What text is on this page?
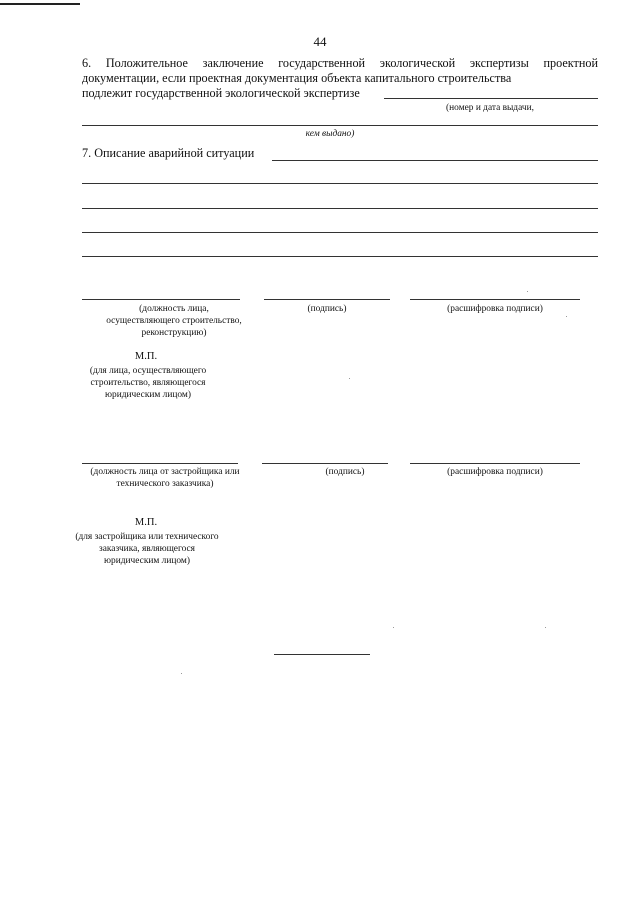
44
6. Положительное заключение государственной экологической экспертизы проектной документации, если проектная документация объекта капитального строительства
подлежит государственной экологической экспертизе
(номер и дата выдачи,
кем выдано)
7. Описание аварийной ситуации
(должность лица, осуществляющего строительство, реконструкцию)
(подпись)	(расшифровка подписи)
М.П.
(для лица, осуществляющего строительство, являющегося юридическим лицом)
(должность лица от застройщика или технического заказчика)
(подпись)	(расшифровка подписи)
М.П.
(для застройщика или технического заказчика, являющегося юридическим лицом)
